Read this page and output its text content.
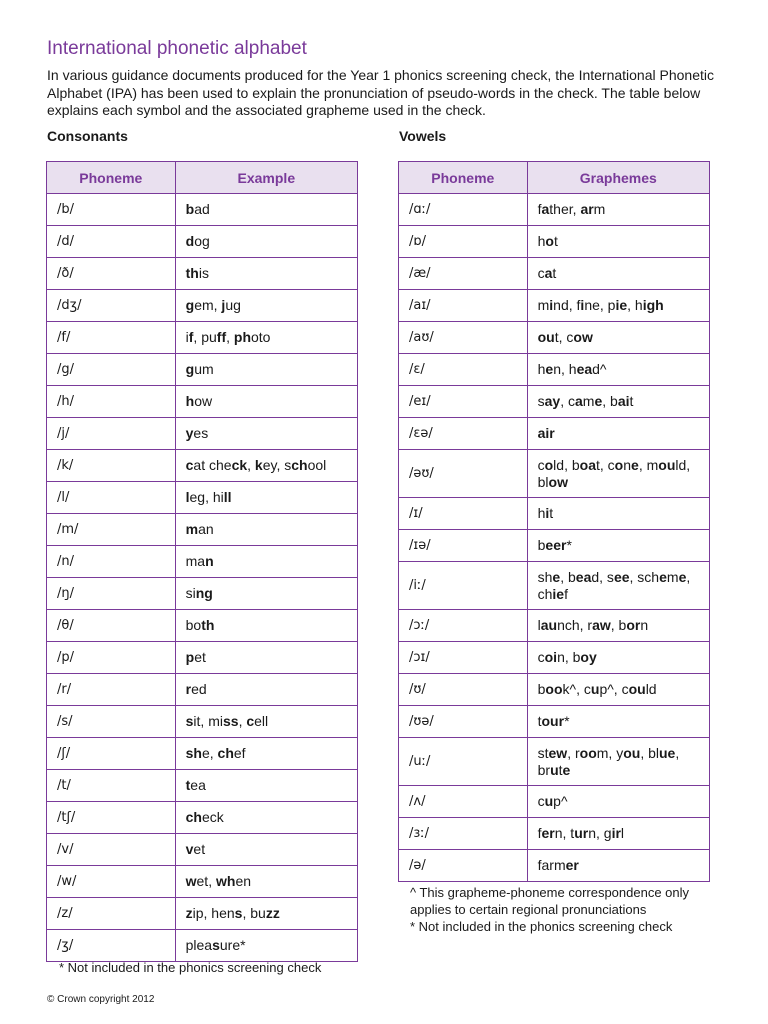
International phonetic alphabet
In various guidance documents produced for the Year 1 phonics screening check, the International Phonetic Alphabet (IPA) has been used to explain the pronunciation of pseudo-words in the check. The table below explains each symbol and the associated grapheme used in the check.
Consonants	Vowels
Phoneme	Example
/b/	bad
/d/	dog
/ð/	this
/dʒ/	gem, jug
/f/	if, puff, photo
/g/	gum
/h/	how
/j/	yes
/k/	cat check, key, school
/l/	leg, hill
/m/	man
/n/	man
/ŋ/	sing
/θ/	both
/p/	pet
/r/	red
/s/	sit, miss, cell
/ʃ/	she, chef
/t/	tea
/tʃ/	check
/v/	vet
/w/	wet, when
/z/	zip, hens, buzz
/ʒ/	pleasure*
* Not included in the phonics screening check
Phoneme	Graphemes
/ɑː/	father, arm
/ɒ/	hot
/æ/	cat
/aɪ/	mind, fine, pie, high
/aʊ/	out, cow
/ɛ/	hen, head^
/eɪ/	say, came, bait
/ɛə/	air
/əʊ/	cold, boat, cone, mould, blow
/ɪ/	hit
/ɪə/	beer*
/iː/	she, bead, see, scheme, chief
/ɔː/	launch, raw, born
/ɔɪ/	coin, boy
/ʊ/	book^, cup^, could
/ʊə/	tour*
/uː/	stew, room, you, blue, brute
/ʌ/	cup^
/ɜː/	fern, turn, girl
/ə/	farmer
^ This grapheme-phoneme correspondence only applies to certain regional pronunciations
* Not included in the phonics screening check
© Crown copyright 2012
